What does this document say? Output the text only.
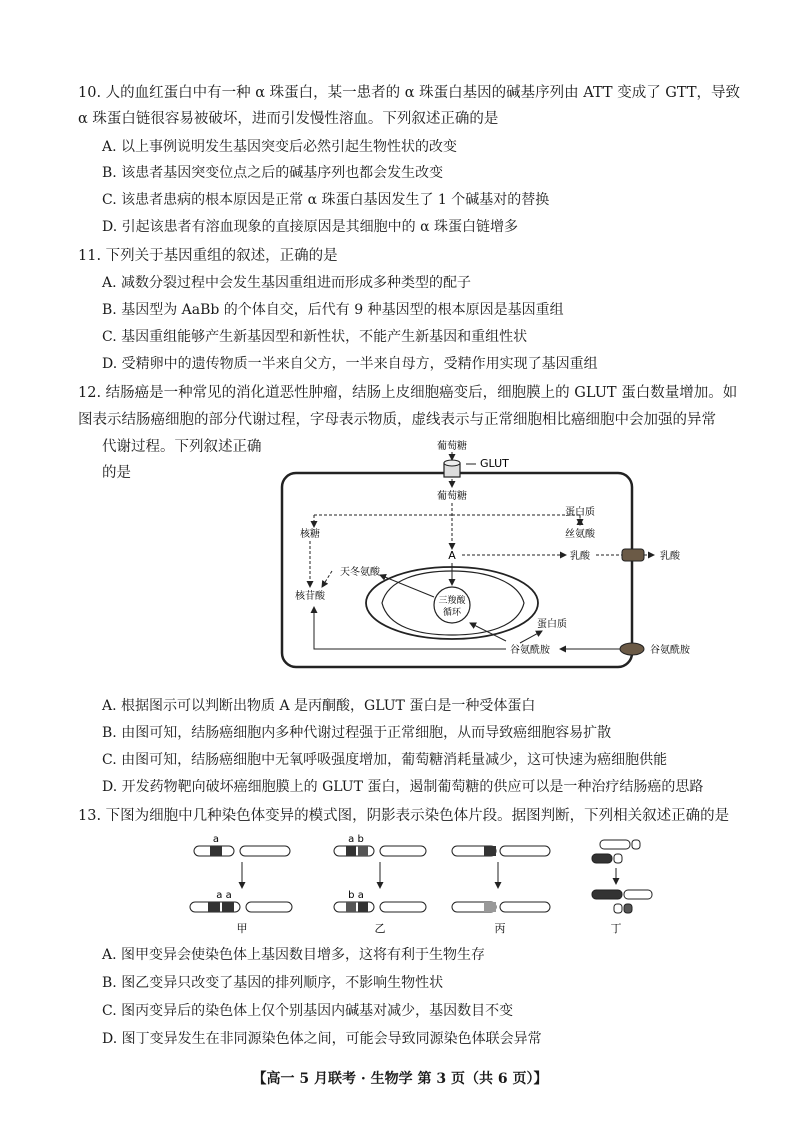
10. 人的血红蛋白中有一种 α 珠蛋白，某一患者的 α 珠蛋白基因的碱基序列由 ATT 变成了 GTT，导致
α 珠蛋白链很容易被破坏，进而引发慢性溶血。下列叙述正确的是
A. 以上事例说明发生基因突变后必然引起生物性状的改变
B. 该患者基因突变位点之后的碱基序列也都会发生改变
C. 该患者患病的根本原因是正常 α 珠蛋白基因发生了 1 个碱基对的替换
D. 引起该患者有溶血现象的直接原因是其细胞中的 α 珠蛋白链增多
11. 下列关于基因重组的叙述，正确的是
A. 减数分裂过程中会发生基因重组进而形成多种类型的配子
B. 基因型为 AaBb 的个体自交，后代有 9 种基因型的根本原因是基因重组
C. 基因重组能够产生新基因型和新性状，不能产生新基因和重组性状
D. 受精卵中的遗传物质一半来自父方，一半来自母方，受精作用实现了基因重组
12. 结肠癌是一种常见的消化道恶性肿瘤，结肠上皮细胞癌变后，细胞膜上的 GLUT 蛋白数量增加。如
图表示结肠癌细胞的部分代谢过程，字母表示物质，虚线表示与正常细胞相比癌细胞中会加强的异常
代谢过程。下列叙述正确的是
葡萄糖
GLUT
葡萄糖
蛋白质
丝氨酸
核糖
核苷酸
A	乳酸	乳酸
天冬氨酸
三羧酸
循环
谷氨酰胺
蛋白质
谷氨酰胺
A. 根据图示可以判断出物质 A 是丙酮酸，GLUT 蛋白是一种受体蛋白
B. 由图可知，结肠癌细胞内多种代谢过程强于正常细胞，从而导致癌细胞容易扩散
C. 由图可知，结肠癌细胞中无氧呼吸强度增加，葡萄糖消耗量减少，这可快速为癌细胞供能
D. 开发药物靶向破坏癌细胞膜上的 GLUT 蛋白，遏制葡萄糖的供应可以是一种治疗结肠癌的思路
13. 下图为细胞中几种染色体变异的模式图，阴影表示染色体片段。据图判断，下列相关叙述正确的是
a
a a
甲
a b
b a
乙	丙	丁
A. 图甲变异会使染色体上基因数目增多，这将有利于生物生存
B. 图乙变异只改变了基因的排列顺序，不影响生物性状
C. 图丙变异后的染色体上仅个别基因内碱基对减少，基因数目不变
D. 图丁变异发生在非同源染色体之间，可能会导致同源染色体联会异常
【高一 5 月联考 · 生物学 第 3 页（共 6 页）】
